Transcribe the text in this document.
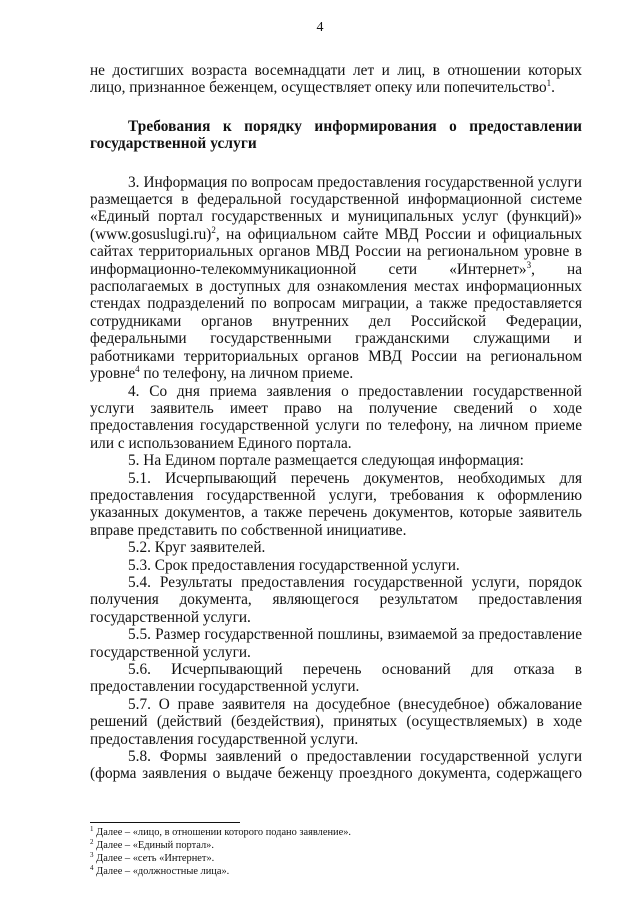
4

не достигших возраста восемнадцати лет и лиц, в отношении которых лицо, признанное беженцем, осуществляет опеку или попечительство$^1$.

Требования к порядку информирования о предоставлении государственной услуги

3. Информация по вопросам предоставления государственной услуги размещается в федеральной государственной информационной системе «Единый портал государственных и муниципальных услуг (функций)» (www.gosuslugi.ru)$^2$, на официальном сайте МВД России и официальных сайтах территориальных органов МВД России на региональном уровне в информационно-телекоммуникационной сети «Интернет»$^3$, на располагаемых в доступных для ознакомления местах информационных стендах подразделений по вопросам миграции, а также предоставляется сотрудниками органов внутренних дел Российской Федерации, федеральными государственными гражданскими служащими и работниками территориальных органов МВД России на региональном уровне$^4$ по телефону, на личном приеме.

4. Со дня приема заявления о предоставлении государственной услуги заявитель имеет право на получение сведений о ходе предоставления государственной услуги по телефону, на личном приеме или с использованием Единого портала.

5. На Едином портале размещается следующая информация:

5.1. Исчерпывающий перечень документов, необходимых для предоставления государственной услуги, требования к оформлению указанных документов, а также перечень документов, которые заявитель вправе представить по собственной инициативе.

5.2. Круг заявителей.

5.3. Срок предоставления государственной услуги.

5.4. Результаты предоставления государственной услуги, порядок получения документа, являющегося результатом предоставления государственной услуги.

5.5. Размер государственной пошлины, взимаемой за предоставление государственной услуги.

5.6. Исчерпывающий перечень оснований для отказа в предоставлении государственной услуги.

5.7. О праве заявителя на досудебное (внесудебное) обжалование решений (действий (бездействия), принятых (осуществляемых) в ходе предоставления государственной услуги.

5.8. Формы заявлений о предоставлении государственной услуги (форма заявления о выдаче беженцу проездного документа, содержащего

$^1$ Далее – «лицо, в отношении которого подано заявление».

$^2$ Далее – «Единый портал».

$^3$ Далее – «сеть «Интернет».

$^4$ Далее – «должностные лица».
